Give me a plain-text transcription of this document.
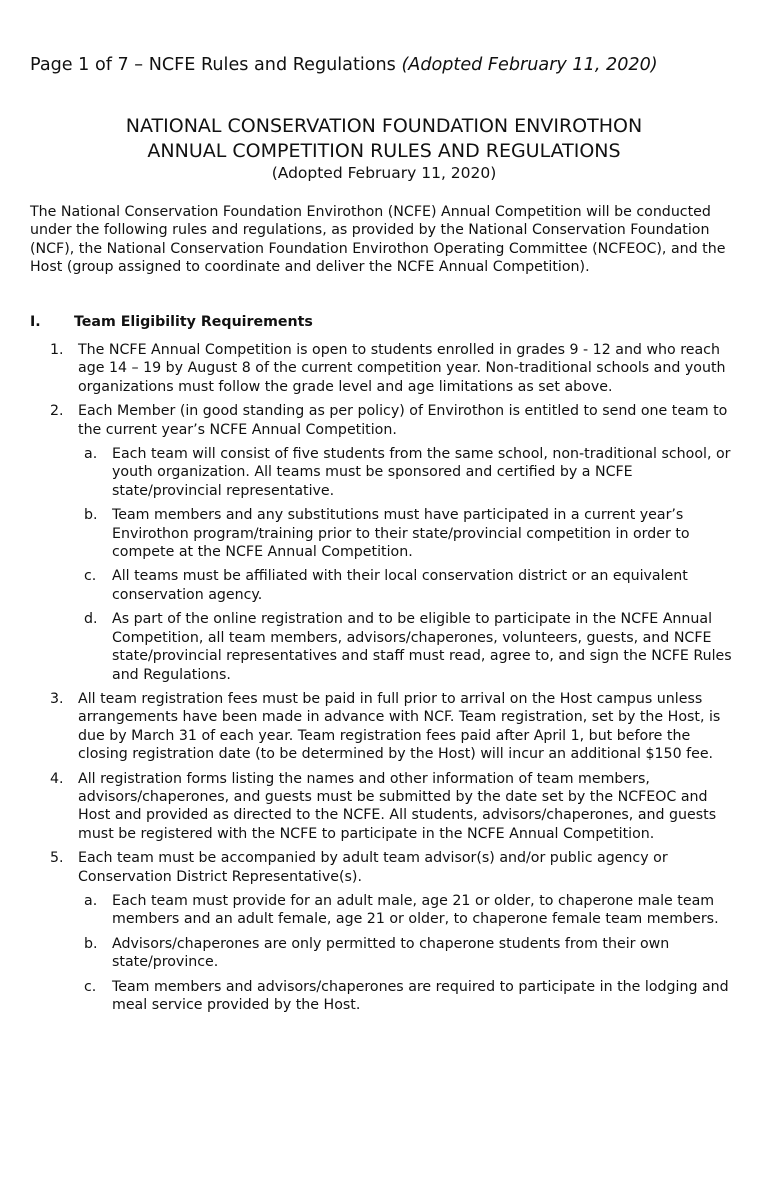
Page 1 of 7 – NCFE Rules and Regulations (Adopted February 11, 2020)
NATIONAL CONSERVATION FOUNDATION ENVIROTHON
ANNUAL COMPETITION RULES AND REGULATIONS
(Adopted February 11, 2020)

The National Conservation Foundation Envirothon (NCFE) Annual Competition will be conducted under the following rules and regulations, as provided by the National Conservation Foundation (NCF), the National Conservation Foundation Envirothon Operating Committee (NCFEOC), and the Host (group assigned to coordinate and deliver the NCFE Annual Competition).

I. Team Eligibility Requirements
1. The NCFE Annual Competition is open to students enrolled in grades 9 - 12 and who reach age 14 – 19 by August 8 of the current competition year. Non-traditional schools and youth organizations must follow the grade level and age limitations as set above.
2. Each Member (in good standing as per policy) of Envirothon is entitled to send one team to the current year’s NCFE Annual Competition.
a. Each team will consist of five students from the same school, non-traditional school, or youth organization. All teams must be sponsored and certified by a NCFE state/provincial representative.
b. Team members and any substitutions must have participated in a current year’s Envirothon program/training prior to their state/provincial competition in order to compete at the NCFE Annual Competition.
c. All teams must be affiliated with their local conservation district or an equivalent conservation agency.
d. As part of the online registration and to be eligible to participate in the NCFE Annual Competition, all team members, advisors/chaperones, volunteers, guests, and NCFE state/provincial representatives and staff must read, agree to, and sign the NCFE Rules and Regulations.
3. All team registration fees must be paid in full prior to arrival on the Host campus unless arrangements have been made in advance with NCF. Team registration, set by the Host, is due by March 31 of each year. Team registration fees paid after April 1, but before the closing registration date (to be determined by the Host) will incur an additional $150 fee.
4. All registration forms listing the names and other information of team members, advisors/chaperones, and guests must be submitted by the date set by the NCFEOC and Host and provided as directed to the NCFE. All students, advisors/chaperones, and guests must be registered with the NCFE to participate in the NCFE Annual Competition.
5. Each team must be accompanied by adult team advisor(s) and/or public agency or Conservation District Representative(s).
a. Each team must provide for an adult male, age 21 or older, to chaperone male team members and an adult female, age 21 or older, to chaperone female team members.
b. Advisors/chaperones are only permitted to chaperone students from their own state/province.
c. Team members and advisors/chaperones are required to participate in the lodging and meal service provided by the Host.
